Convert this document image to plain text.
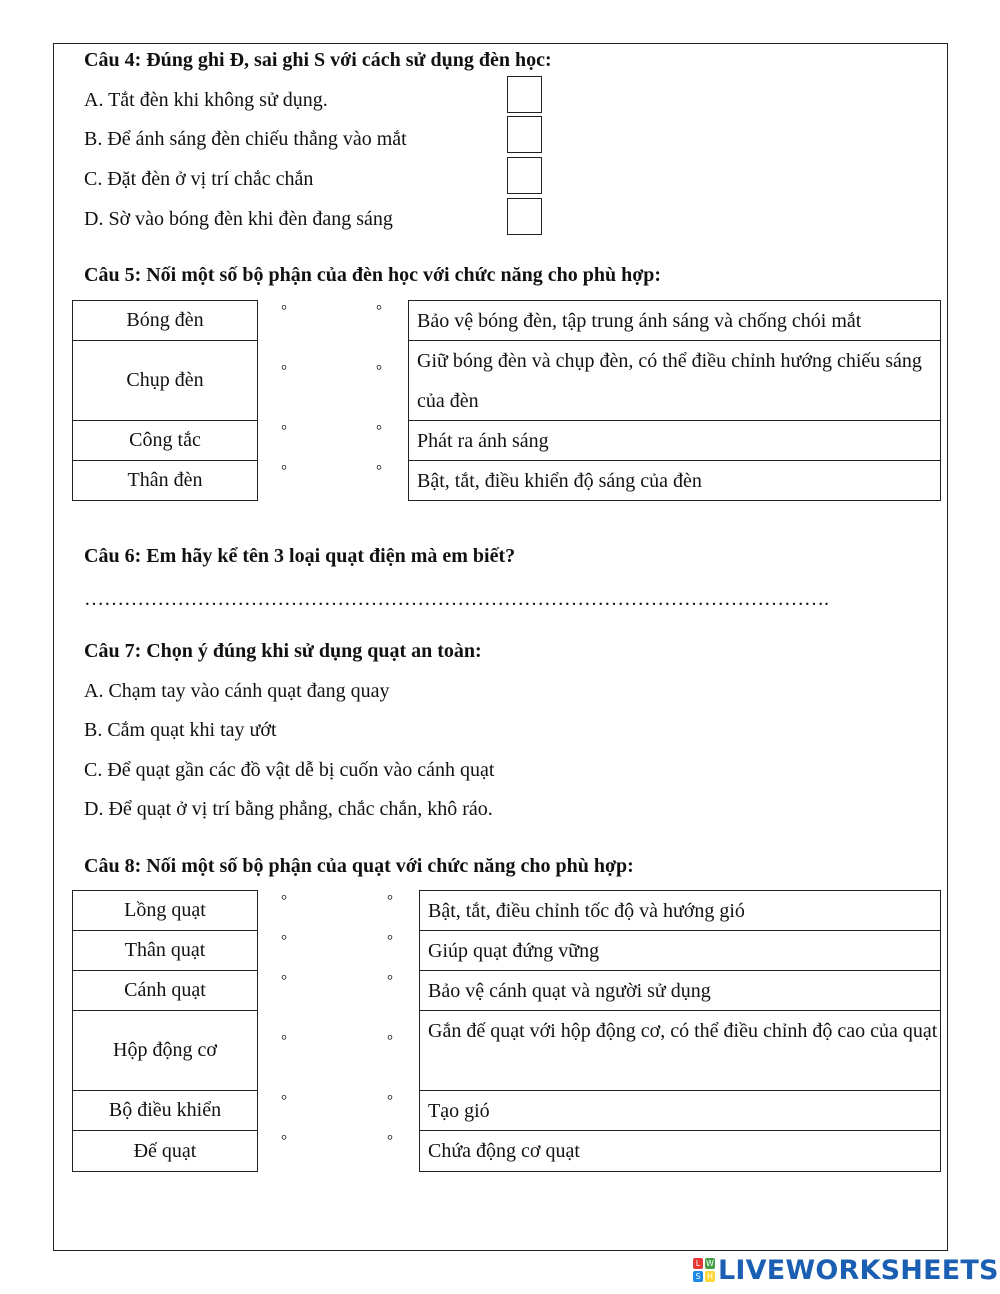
Câu 4: Đúng ghi Đ, sai ghi S với cách sử dụng đèn học:
A. Tắt đèn khi không sử dụng.
B. Để ánh sáng đèn chiếu thẳng vào mắt
C. Đặt đèn ở vị trí chắc chắn
D. Sờ vào bóng đèn khi đèn đang sáng
Câu 5: Nối một số bộ phận của đèn học với chức năng cho phù hợp:
Bóng đèn
Chụp đèn
Công tắc
Thân đèn
°
°
°
°
°
°
°
°
Bảo vệ bóng đèn, tập trung ánh sáng và chống chói mắt
Giữ bóng đèn và chụp đèn, có thể điều chỉnh hướng chiếu sáng của đèn
Phát ra ánh sáng
Bật, tắt, điều khiển độ sáng của đèn
Câu 6: Em hãy kể tên 3 loại quạt điện mà em biết?
………………………………………………………………………………………………….
Câu 7: Chọn ý đúng khi sử dụng quạt an toàn:
A. Chạm tay vào cánh quạt đang quay
B. Cắm quạt khi tay ướt
C. Để quạt gần các đồ vật dễ bị cuốn vào cánh quạt
D. Để quạt ở vị trí bằng phẳng, chắc chắn, khô ráo.
Câu 8: Nối một số bộ phận của quạt với chức năng cho phù hợp:
Lồng quạt
Thân quạt
Cánh quạt
Hộp động cơ
Bộ điều khiển
Đế quạt
°
°
°
°
°
°
°
°
°
°
°
°
Bật, tắt, điều chỉnh tốc độ và hướng gió
Giúp quạt đứng vững
Bảo vệ cánh quạt và người sử dụng
Gắn đế quạt với hộp động cơ, có thể điều chỉnh độ cao của quạt
Tạo gió
Chứa động cơ quạt
L W
S H LIVEWORKSHEETS
